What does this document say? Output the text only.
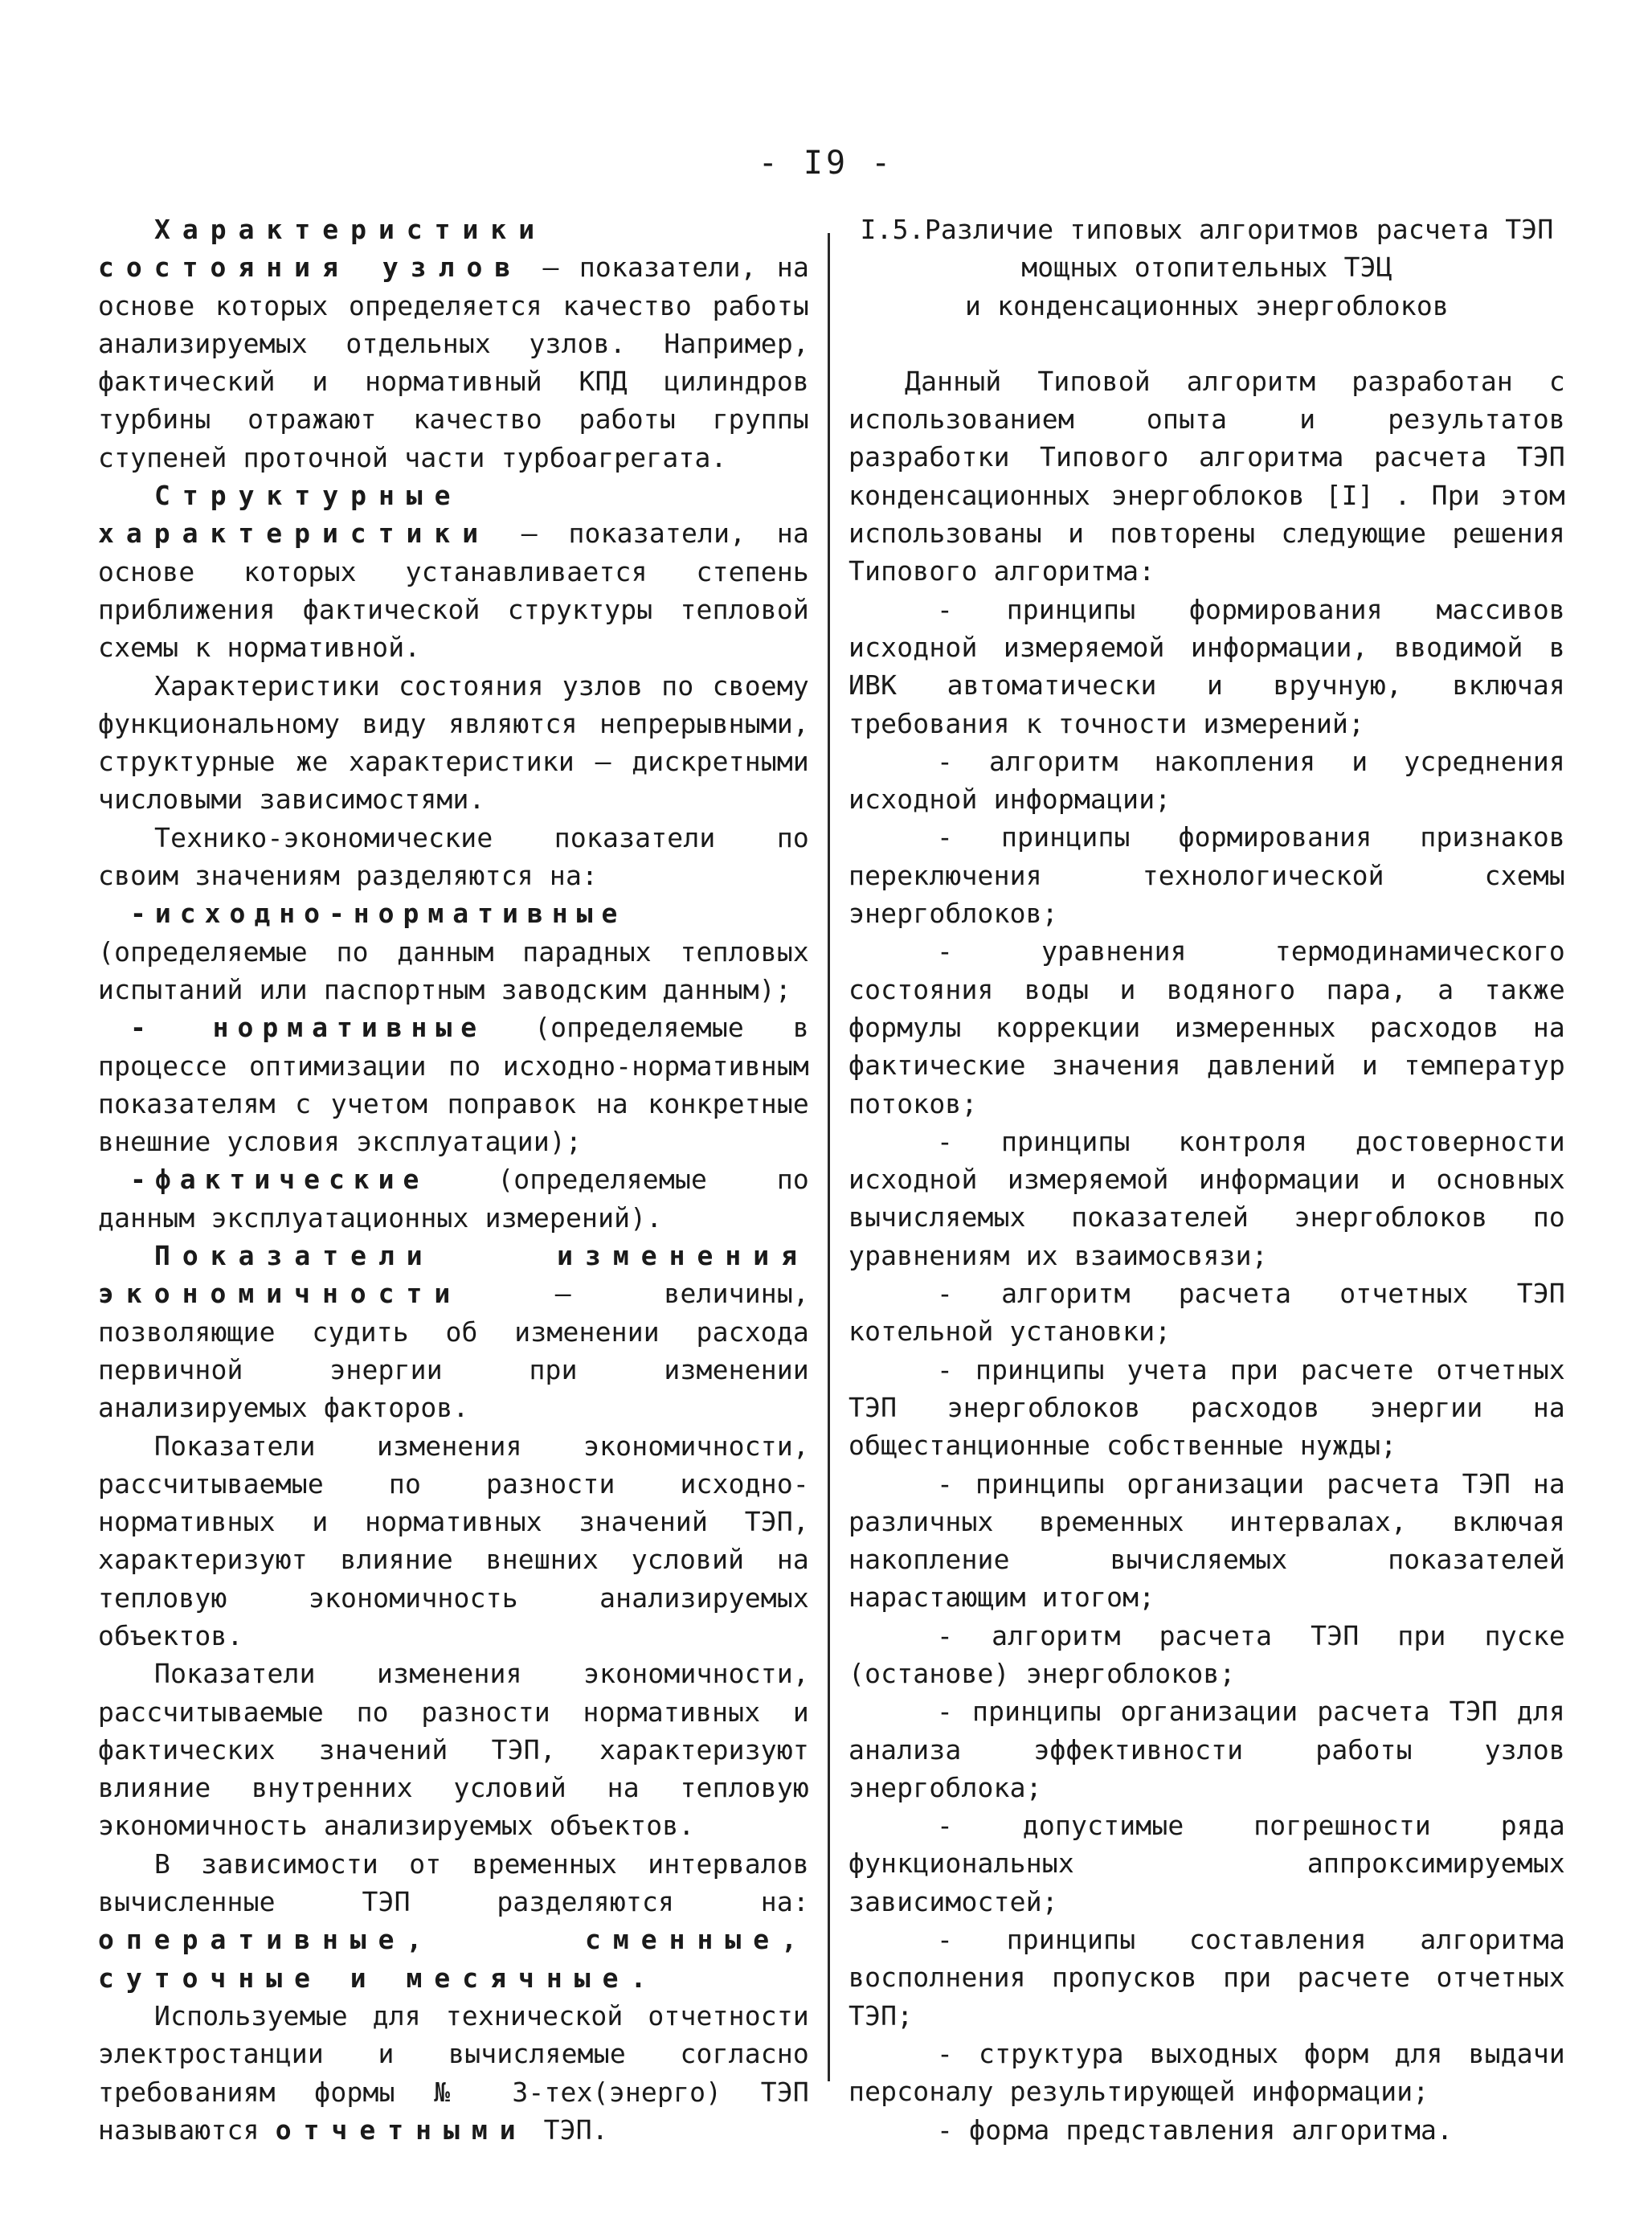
- I9 -

Характеристики состояния узлов – показатели, на основе которых определяется качество работы анализируемых отдельных узлов. Например, фактический и нормативный КПД цилиндров турбины отражают качество работы группы ступеней проточной части турбоагрегата.

Структурные характеристики – показатели, на основе которых устанавливается степень приближения фактической структуры тепловой схемы к нормативной.

Характеристики состояния узлов по своему функциональному виду являются непрерывными, структурные же характеристики – дискретными числовыми зависимостями.

Технико-экономические показатели по своим значениям разделяются на:

-исходно-нормативные (определяемые по данным парадных тепловых испытаний или паспортным заводским данным);

- нормативные (определяемые в процессе оптимизации по исходно-нормативным показателям с учетом поправок на конкретные внешние условия эксплуатации);

-фактические (определяемые по данным эксплуатационных измерений).

Показатели изменения экономичности – величины, позволяющие судить об изменении расхода первичной энергии при изменении анализируемых факторов.

Показатели изменения экономичности, рассчитываемые по разности исходно-нормативных и нормативных значений ТЭП, характеризуют влияние внешних условий на тепловую экономичность анализируемых объектов.

Показатели изменения экономичности, рассчитываемые по разности нормативных и фактических значений ТЭП, характеризуют влияние внутренних условий на тепловую экономичность анализируемых объектов.

В зависимости от временных интервалов вычисленные ТЭП разделяются на: оперативные, сменные, суточные и месячные.

Используемые для технической отчетности электростанции и вычисляемые согласно требованиям формы № 3-тех(энерго) ТЭП называются отчетными ТЭП.

I.5.Различие типовых алгоритмов расчета ТЭП
мощных отопительных ТЭЦ
и конденсационных энергоблоков

Данный Типовой алгоритм разработан с использованием опыта и результатов разработки Типового алгоритма расчета ТЭП конденсационных энергоблоков [I] . При этом использованы и повторены следующие решения Типового алгоритма:

- принципы формирования массивов исходной измеряемой информации, вводимой в ИВК автоматически и вручную, включая требования к точности измерений;

- алгоритм накопления и усреднения исходной информации;

- принципы формирования признаков переключения технологической схемы энергоблоков;

- уравнения термодинамического состояния воды и водяного пара, а также формулы коррекции измеренных расходов на фактические значения давлений и температур потоков;

- принципы контроля достоверности исходной измеряемой информации и основных вычисляемых показателей энергоблоков по уравнениям их взаимосвязи;

- алгоритм расчета отчетных ТЭП котельной установки;

- принципы учета при расчете отчетных ТЭП энергоблоков расходов энергии на общестанционные собственные нужды;

- принципы организации расчета ТЭП на различных временных интервалах, включая накопление вычисляемых показателей нарастающим итогом;

- алгоритм расчета ТЭП при пуске (останове) энергоблоков;

- принципы организации расчета ТЭП для анализа эффективности работы узлов энергоблока;

- допустимые погрешности ряда функциональных аппроксимируемых зависимостей;

- принципы составления алгоритма восполнения пропусков при расчете отчетных ТЭП;

- структура выходных форм для выдачи персоналу результирующей информации;

- форма представления алгоритма.
